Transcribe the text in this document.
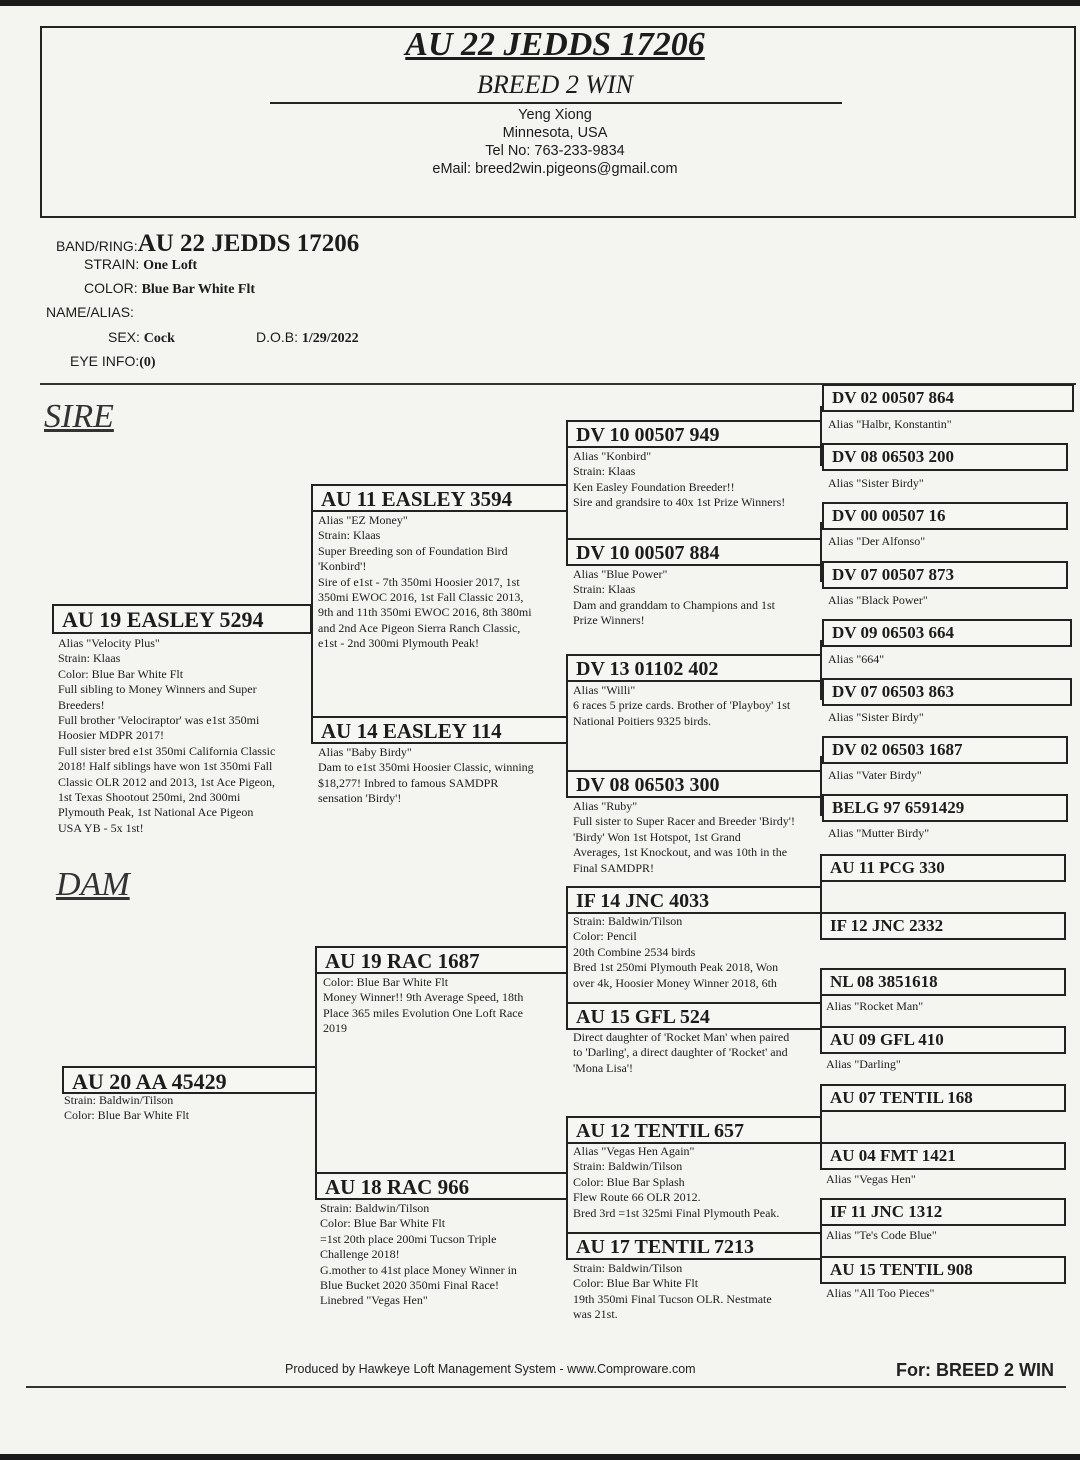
AU 22 JEDDS 17206
BREED 2 WIN
Yeng Xiong
Minnesota, USA
Tel No: 763-233-9834
eMail: breed2win.pigeons@gmail.com
BAND/RING:AU 22 JEDDS 17206
STRAIN: One Loft
COLOR: Blue Bar White Flt
NAME/ALIAS:
SEX: Cock	D.O.B: 1/29/2022
EYE INFO:(0)
SIRE
DAM
AU 19 EASLEY 5294
Alias "Velocity Plus"
Strain: Klaas
Color: Blue Bar White Flt
Full sibling to Money Winners and Super
Breeders!
Full brother 'Velociraptor' was e1st 350mi
Hoosier MDPR 2017!
Full sister bred e1st 350mi California Classic
2018! Half siblings have won 1st 350mi Fall
Classic OLR 2012 and 2013, 1st Ace Pigeon,
1st Texas Shootout 250mi, 2nd 300mi
Plymouth Peak, 1st National Ace Pigeon
USA YB - 5x 1st!
AU 20 AA 45429
Strain: Baldwin/Tilson
Color: Blue Bar White Flt
AU 11 EASLEY 3594
Alias "EZ Money"
Strain: Klaas
Super Breeding son of Foundation Bird
'Konbird'!
Sire of e1st - 7th 350mi Hoosier 2017, 1st
350mi EWOC 2016, 1st Fall Classic 2013,
9th and 11th 350mi EWOC 2016, 8th 380mi
and 2nd Ace Pigeon Sierra Ranch Classic,
e1st - 2nd 300mi Plymouth Peak!
AU 14 EASLEY 114
Alias "Baby Birdy"
Dam to e1st 350mi Hoosier Classic, winning
$18,277! Inbred to famous SAMDPR
sensation 'Birdy'!
AU 19 RAC 1687
Color: Blue Bar White Flt
Money Winner!! 9th Average Speed, 18th
Place 365 miles Evolution One Loft Race
2019
AU 18 RAC 966
Strain: Baldwin/Tilson
Color: Blue Bar White Flt
=1st 20th place 200mi Tucson Triple
Challenge 2018!
G.mother to 41st place Money Winner in
Blue Bucket 2020 350mi Final Race!
Linebred "Vegas Hen"
DV 10 00507 949
Alias "Konbird"
Strain: Klaas
Ken Easley Foundation Breeder!!
Sire and grandsire to 40x 1st Prize Winners!
DV 10 00507 884
Alias "Blue Power"
Strain: Klaas
Dam and granddam to Champions and 1st
Prize Winners!
DV 13 01102 402
Alias "Willi"
6 races 5 prize cards. Brother of 'Playboy' 1st
National Poitiers 9325 birds.
DV 08 06503 300
Alias "Ruby"
Full sister to Super Racer and Breeder 'Birdy'!
'Birdy' Won 1st Hotspot, 1st Grand
Averages, 1st Knockout, and was 10th in the
Final SAMDPR!
IF 14 JNC 4033
Strain: Baldwin/Tilson
Color: Pencil
20th Combine 2534 birds
Bred 1st 250mi Plymouth Peak 2018, Won
over 4k, Hoosier Money Winner 2018, 6th
AU 15 GFL 524
Direct daughter of 'Rocket Man' when paired
to 'Darling', a direct daughter of 'Rocket' and
'Mona Lisa'!
AU 12 TENTIL 657
Alias "Vegas Hen Again"
Strain: Baldwin/Tilson
Color: Blue Bar Splash
Flew Route 66 OLR 2012.
Bred 3rd =1st 325mi Final Plymouth Peak.
AU 17 TENTIL 7213
Strain: Baldwin/Tilson
Color: Blue Bar White Flt
19th 350mi Final Tucson OLR. Nestmate
was 21st.
DV 02 00507 864
Alias "Halbr, Konstantin"
DV 08 06503 200
Alias "Sister Birdy"
DV 00 00507 16
Alias "Der Alfonso"
DV 07 00507 873
Alias "Black Power"
DV 09 06503 664
Alias "664"
DV 07 06503 863
Alias "Sister Birdy"
DV 02 06503 1687
Alias "Vater Birdy"
BELG 97 6591429
Alias "Mutter Birdy"
AU 11 PCG 330
IF 12 JNC 2332
NL 08 3851618
Alias "Rocket Man"
AU 09 GFL 410
Alias "Darling"
AU 07 TENTIL 168
AU 04 FMT 1421
Alias "Vegas Hen"
IF 11 JNC 1312
Alias "Te's Code Blue"
AU 15 TENTIL 908
Alias "All Too Pieces"
Produced by Hawkeye Loft Management System - www.Comproware.com	For: BREED 2 WIN
